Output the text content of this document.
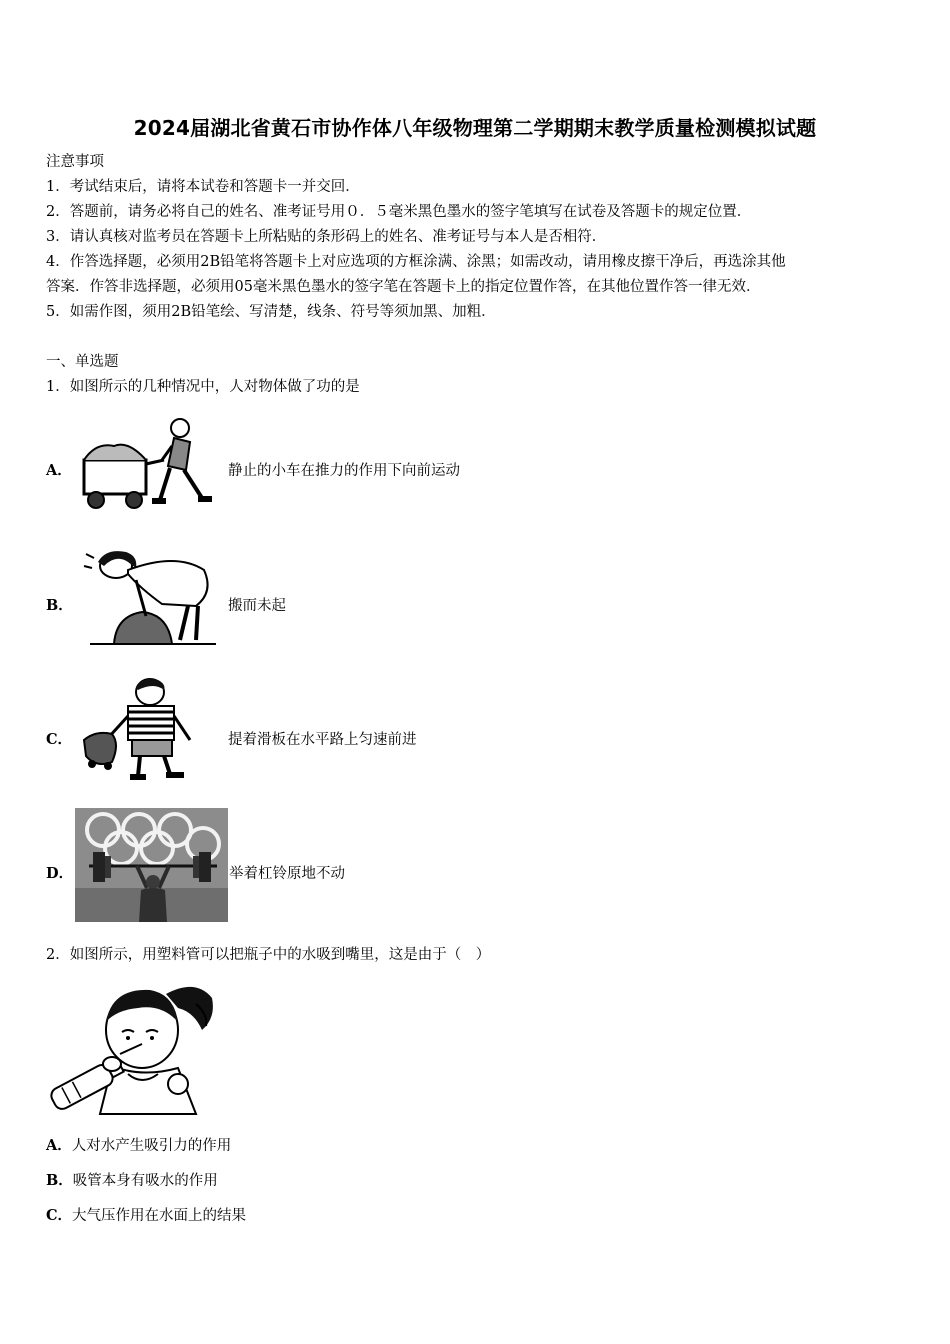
2024届湖北省黄石市协作体八年级物理第二学期期末教学质量检测模拟试题
注意事项
1．考试结束后，请将本试卷和答题卡一并交回．
2．答题前，请务必将自己的姓名、准考证号用０．５毫米黑色墨水的签字笔填写在试卷及答题卡的规定位置．
3．请认真核对监考员在答题卡上所粘贴的条形码上的姓名、准考证号与本人是否相符．
4．作答选择题，必须用2B铅笔将答题卡上对应选项的方框涂满、涂黑；如需改动，请用橡皮擦干净后，再选涂其他
答案．作答非选择题，必须用05毫米黑色墨水的签字笔在答题卡上的指定位置作答，在其他位置作答一律无效．
5．如需作图，须用2B铅笔绘、写清楚，线条、符号等须加黑、加粗．
一、单选题
1．如图所示的几种情况中，人对物体做了功的是
A．	静止的小车在推力的作用下向前运动
B．	搬而未起
C．	提着滑板在水平路上匀速前进
D．	举着杠铃原地不动
2．如图所示，用塑料管可以把瓶子中的水吸到嘴里，这是由于（　）
A．人对水产生吸引力的作用
B．吸管本身有吸水的作用
C．大气压作用在水面上的结果
